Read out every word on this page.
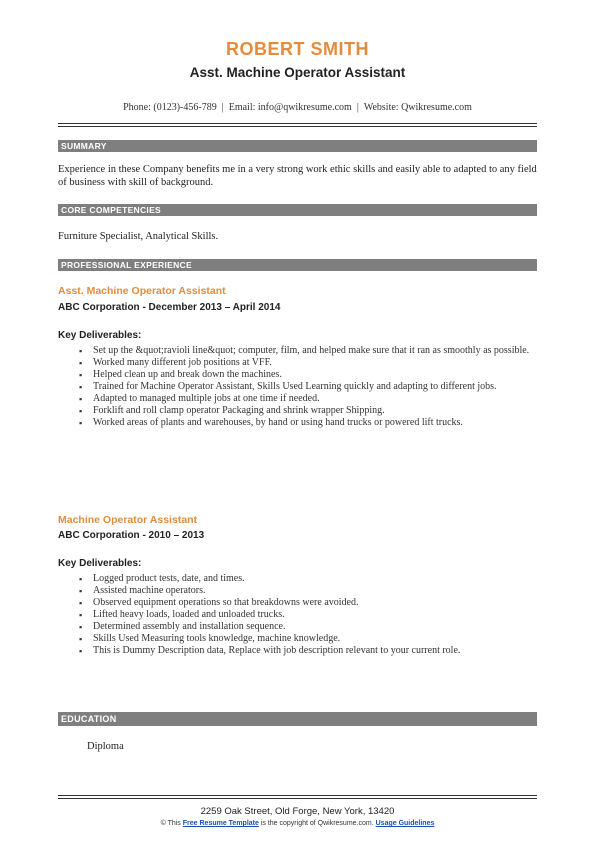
ROBERT SMITH
Asst. Machine Operator Assistant
Phone: (0123)-456-789 | Email: info@qwikresume.com | Website: Qwikresume.com
SUMMARY
Experience in these Company benefits me in a very strong work ethic skills and easily able to adapted to any field of business with skill of background.
CORE COMPETENCIES
Furniture Specialist, Analytical Skills.
PROFESSIONAL EXPERIENCE
Asst. Machine Operator Assistant
ABC Corporation - December 2013 – April 2014
Key Deliverables:
▪ Set up the &quot;ravioli line&quot; computer, film, and helped make sure that it ran as smoothly as possible.
▪ Worked many different job positions at VFF.
▪ Helped clean up and break down the machines.
▪ Trained for Machine Operator Assistant, Skills Used Learning quickly and adapting to different jobs.
▪ Adapted to managed multiple jobs at one time if needed.
▪ Forklift and roll clamp operator Packaging and shrink wrapper Shipping.
▪ Worked areas of plants and warehouses, by hand or using hand trucks or powered lift trucks.
Machine Operator Assistant
ABC Corporation - 2010 – 2013
Key Deliverables:
▪ Logged product tests, date, and times.
▪ Assisted machine operators.
▪ Observed equipment operations so that breakdowns were avoided.
▪ Lifted heavy loads, loaded and unloaded trucks.
▪ Determined assembly and installation sequence.
▪ Skills Used Measuring tools knowledge, machine knowledge.
▪ This is Dummy Description data, Replace with job description relevant to your current role.
EDUCATION
Diploma
2259 Oak Street, Old Forge, New York, 13420
© This Free Resume Template is the copyright of Qwikresume.com. Usage Guidelines
